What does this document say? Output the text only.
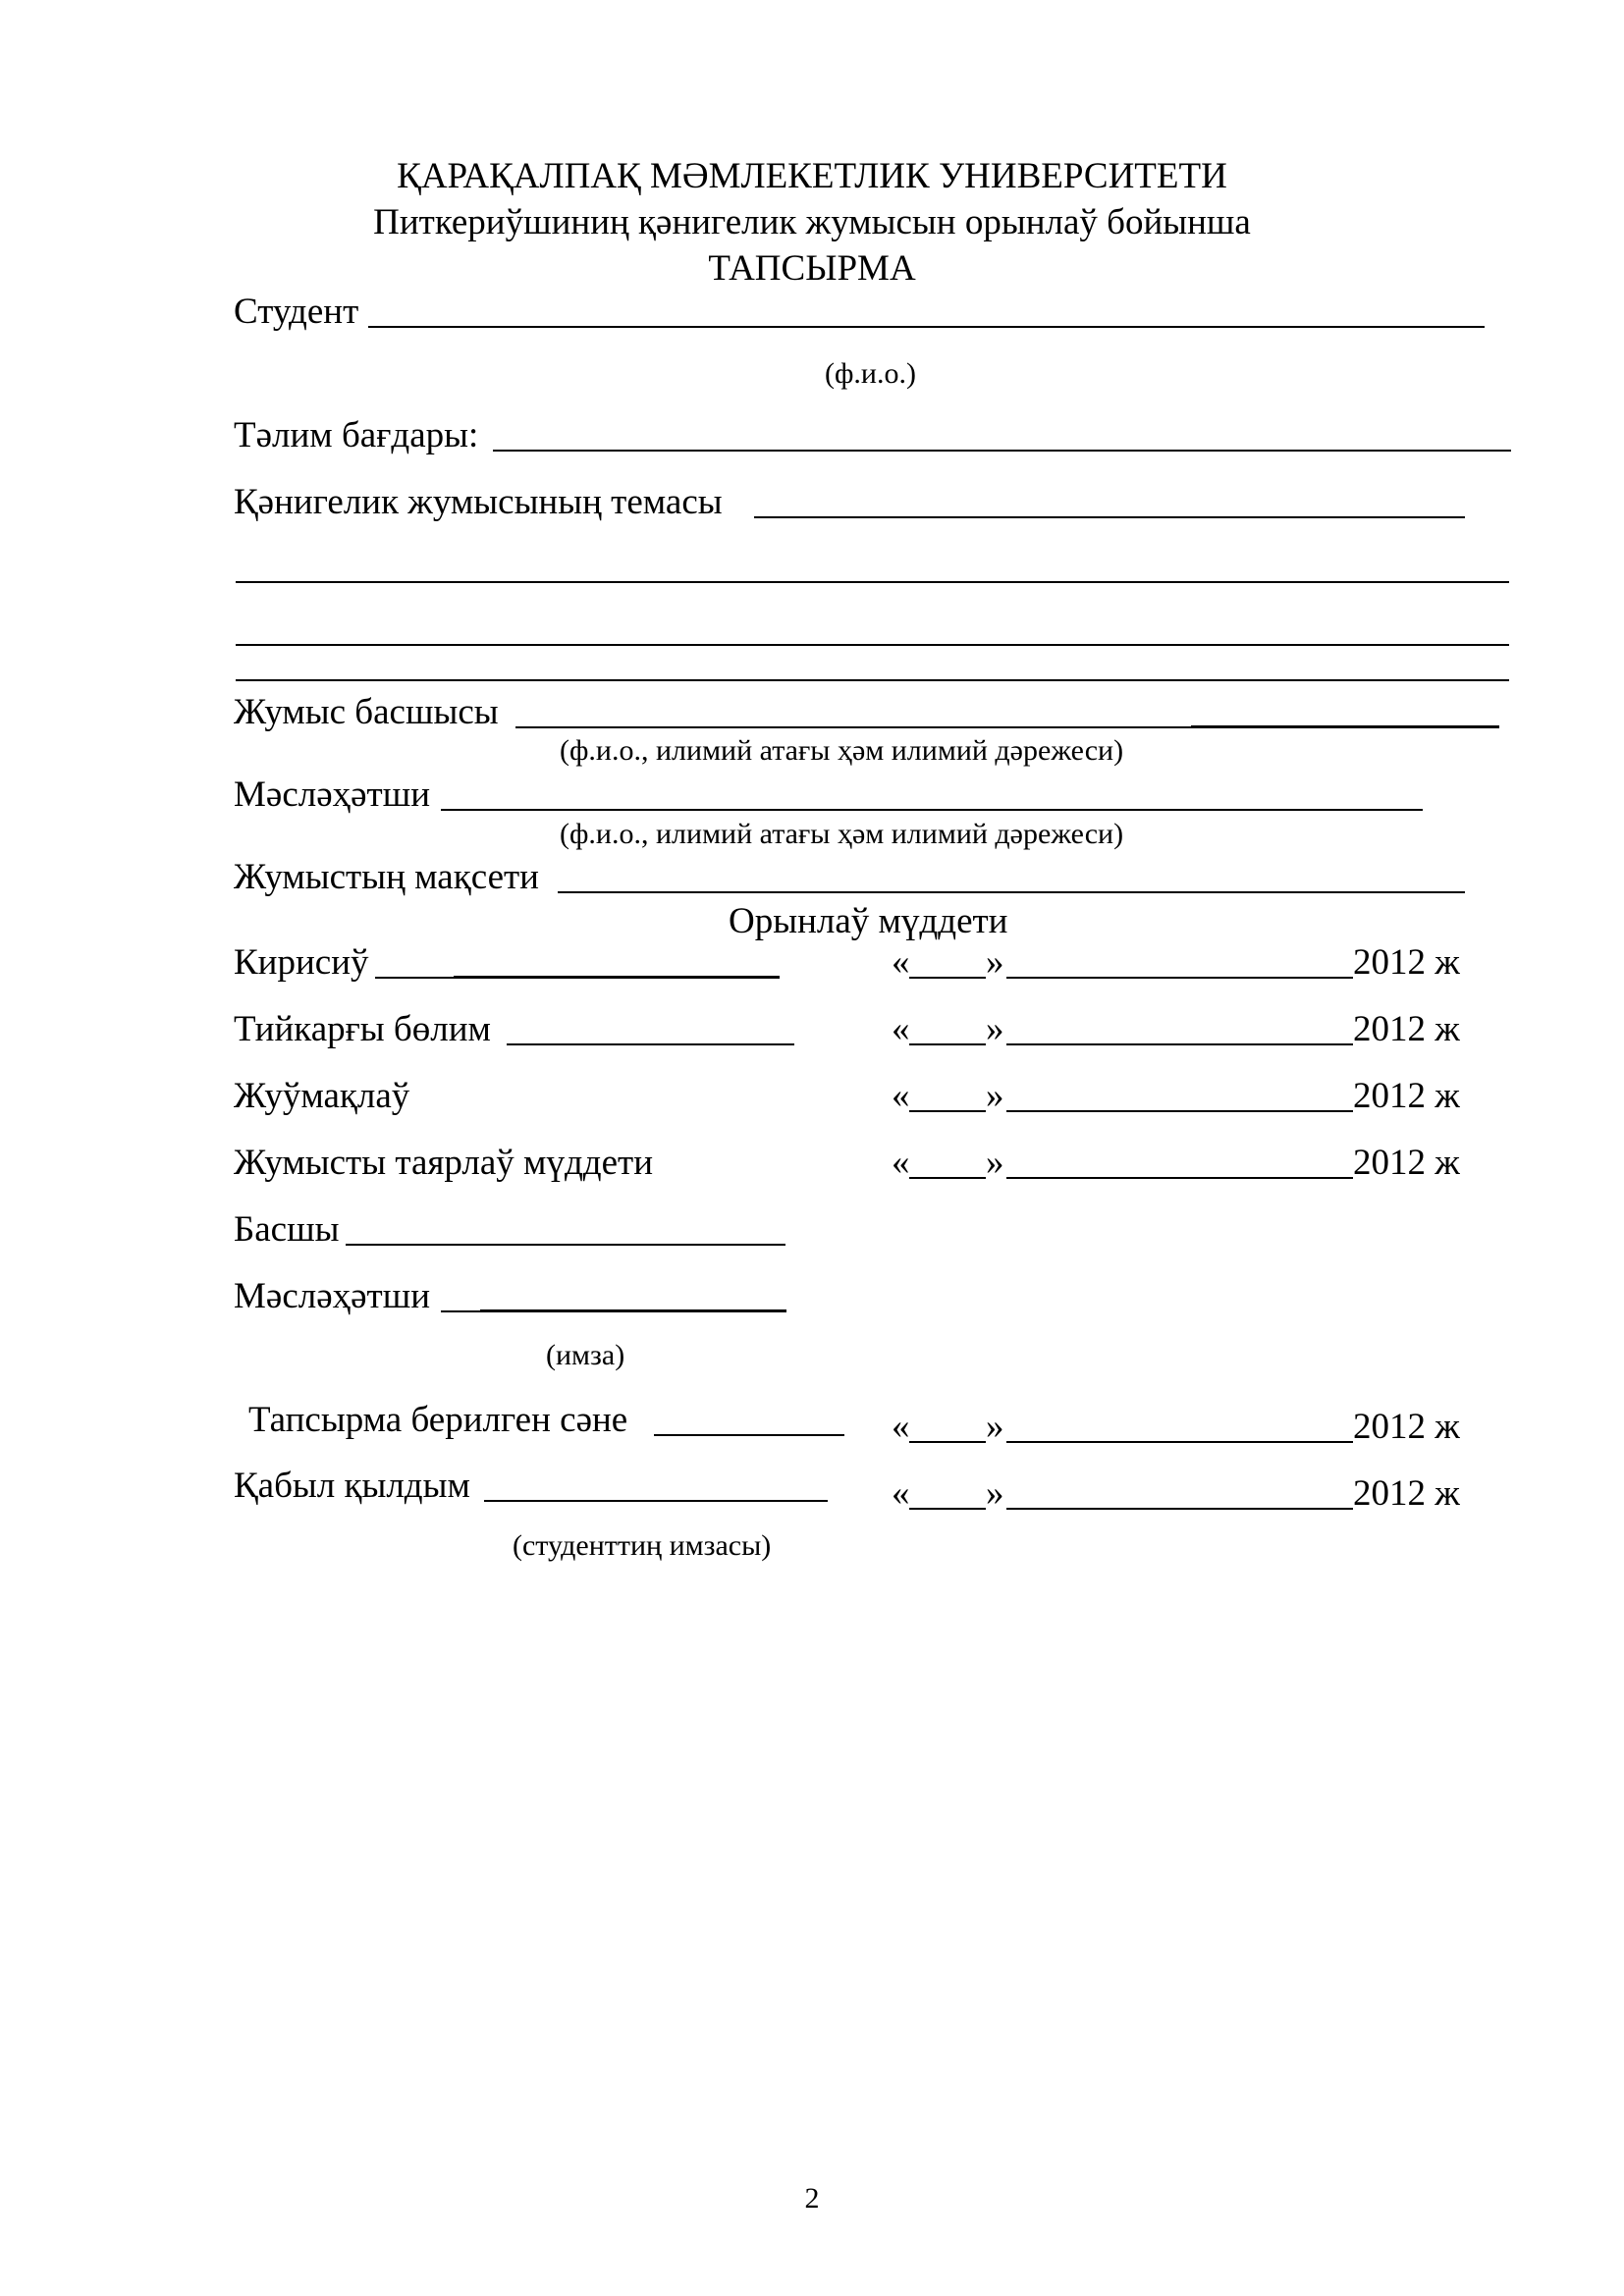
ҚАРАҚАЛПАҚ МӘМЛЕКЕТЛИК УНИВЕРСИТЕТИ
Питкериўшиниң қәнигелик жумысын орынлаў бойынша
ТАПСЫРМА
Студент
(ф.и.о.)
Тәлим бағдары:
Қәнигелик жумысының темасы
Жумыс басшысы
(ф.и.о., илимий атағы ҳәм илимий дәрежеси)
Мәсләҳәтши
(ф.и.о., илимий атағы ҳәм илимий дәрежеси)
Жумыстың мақсети
Орынлаў мүддети
Кирисиў	« »	2012 ж
Тийкарғы бөлим	« »	2012 ж
Жуўмақлаў	« »	2012 ж
Жумысты таярлаў мүддети	« »	2012 ж
Басшы
Мәсләҳәтши
(имза)
Тапсырма берилген сәне	« »	2012 ж
Қабыл қылдым	« »	2012 ж
(студенттиң имзасы)
2
